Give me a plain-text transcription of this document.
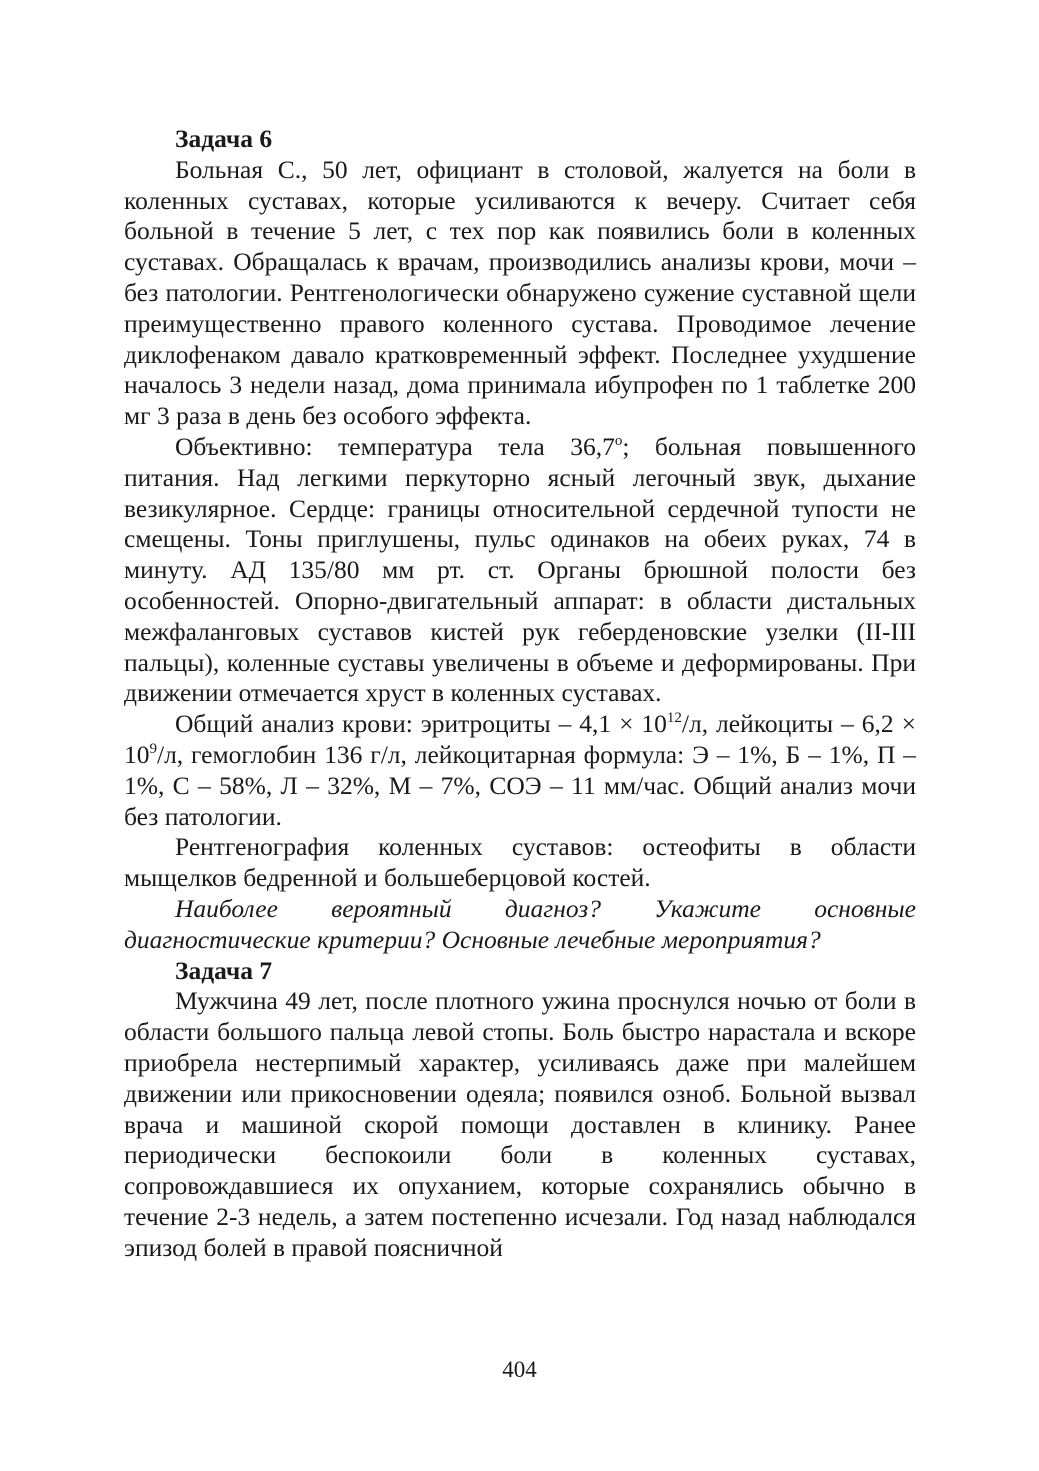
Задача 6

Больная С., 50 лет, официант в столовой, жалуется на боли в коленных суставах, которые усиливаются к вечеру. Считает себя больной в течение 5 лет, с тех пор как появились боли в коленных суставах. Обращалась к врачам, производились анализы крови, мочи – без патологии. Рентгенологически обнаружено сужение суставной щели преимущественно правого коленного сустава. Проводимое лечение диклофенаком давало кратковременный эффект. Последнее ухудшение началось 3 недели назад, дома принимала ибупрофен по 1 таблетке 200 мг 3 раза в день без особого эффекта.

Объективно: температура тела $36,7^о$; больная повышенного питания. Над легкими перкуторно ясный легочный звук, дыхание везикулярное. Сердце: границы относительной сердечной тупости не смещены. Тоны приглушены, пульс одинаков на обеих руках, 74 в минуту. АД 135/80 мм рт. ст. Органы брюшной полости без особенностей. Опорно-двигательный аппарат: в области дистальных межфаланговых суставов кистей рук гебердeновские узелки (II-III пальцы), коленные суставы увеличены в объеме и деформированы. При движении отмечается хруст в коленных суставах.

Общий анализ крови: эритроциты – $4,1 \times 10^{12}/л$, лейкоциты – $6,2 \times 10^9/л$, гемоглобин 136 г/л, лейкоцитарная формула: Э – 1%, Б – 1%, П – 1%, С – 58%, Л – 32%, М – 7%, СОЭ – 11 мм/час. Общий анализ мочи без патологии.

Рентгенография коленных суставов: остеофиты в области мыщелков бедренной и большеберцовой костей.

Наиболее вероятный диагноз? Укажите основные диагностические критерии? Основные лечебные мероприятия?

Задача 7

Мужчина 49 лет, после плотного ужина проснулся ночью от боли в области большого пальца левой стопы. Боль быстро нарастала и вскоре приобрела нестерпимый характер, усиливаясь даже при малейшем движении или прикосновении одеяла; появился озноб. Больной вызвал врача и машиной скорой помощи доставлен в клинику. Ранее периодически беспокоили боли в коленных суставах, сопровождавшиеся их опуханием, которые сохранялись обычно в течение 2-3 недель, а затем постепенно исчезали. Год назад наблюдался эпизод болей в правой поясничной

404
